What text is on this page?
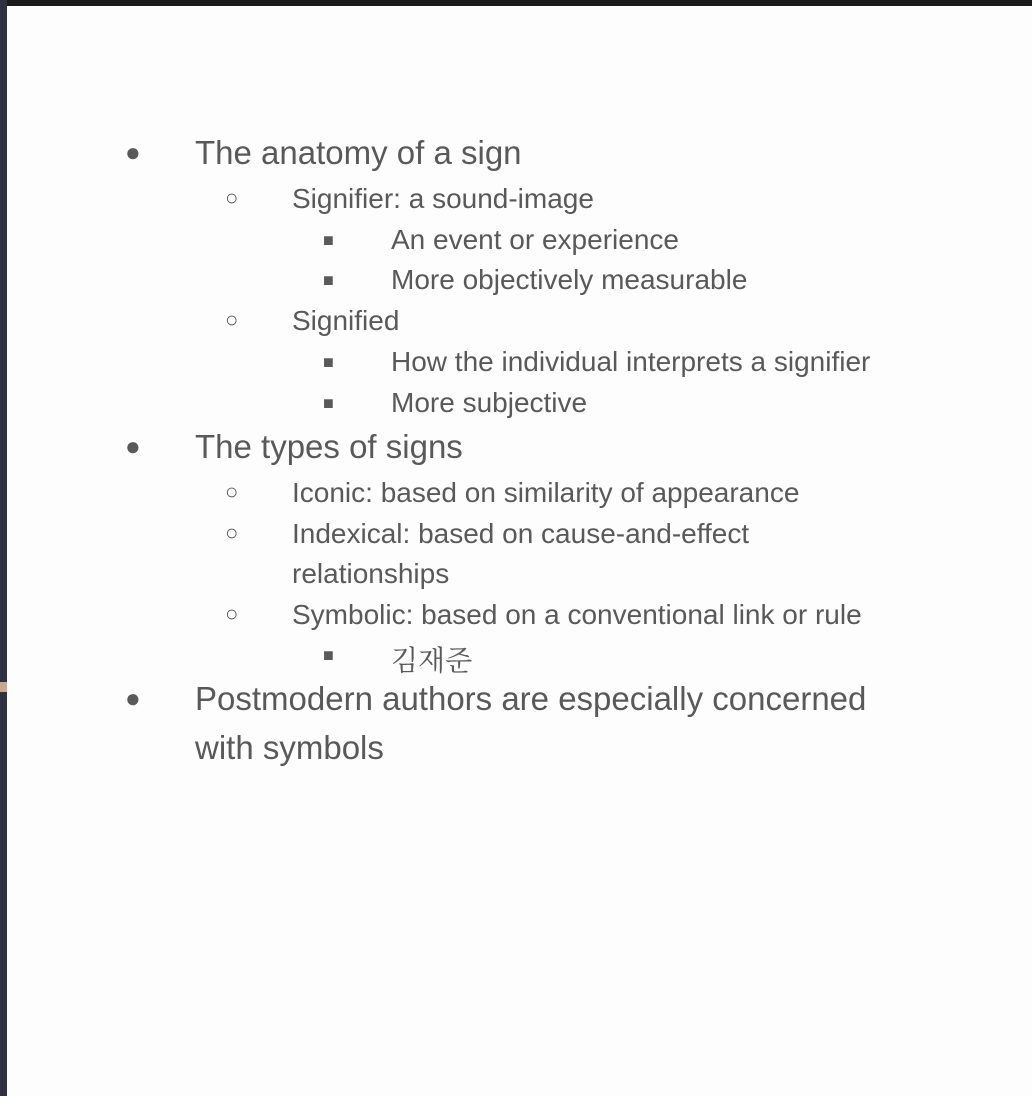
● The anatomy of a sign
○ Signifier: a sound-image
■ An event or experience
■ More objectively measurable
○ Signified
■ How the individual interprets a signifier
■ More subjective
● The types of signs
○ Iconic: based on similarity of appearance
○ Indexical: based on cause-and-effect
relationships
○ Symbolic: based on a conventional link or rule
■ 김재준
● Postmodern authors are especially concerned
with symbols
